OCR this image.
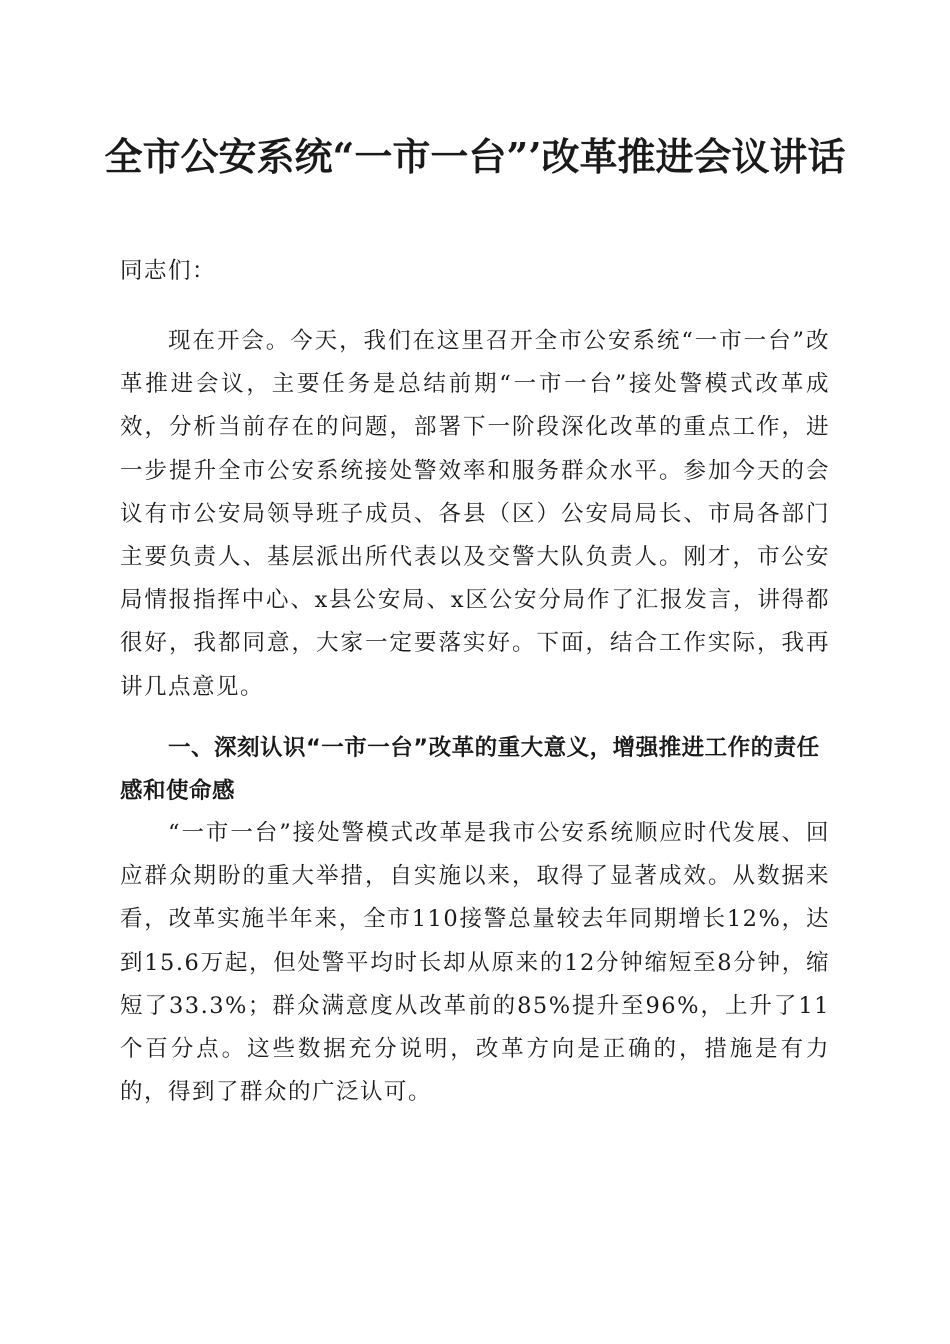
全市公安系统“一市一台”’改革推进会议讲话

同志们：

现在开会。今天，我们在这里召开全市公安系统“一市一台”改革推进会议，主要任务是总结前期“一市一台”接处警模式改革成效，分析当前存在的问题，部署下一阶段深化改革的重点工作，进一步提升全市公安系统接处警效率和服务群众水平。参加今天的会议有市公安局领导班子成员、各县（区）公安局局长、市局各部门主要负责人、基层派出所代表以及交警大队负责人。刚才，市公安局情报指挥中心、x县公安局、x区公安分局作了汇报发言，讲得都很好，我都同意，大家一定要落实好。下面，结合工作实际，我再讲几点意见。

一、深刻认识“一市一台”改革的重大意义，增强推进工作的责任感和使命感

“一市一台”接处警模式改革是我市公安系统顺应时代发展、回应群众期盼的重大举措，自实施以来，取得了显著成效。从数据来看，改革实施半年来，全市110接警总量较去年同期增长12%，达到15.6万起，但处警平均时长却从原来的12分钟缩短至8分钟，缩短了33.3%；群众满意度从改革前的85%提升至96%，上升了11个百分点。这些数据充分说明，改革方向是正确的，措施是有力的，得到了群众的广泛认可。
